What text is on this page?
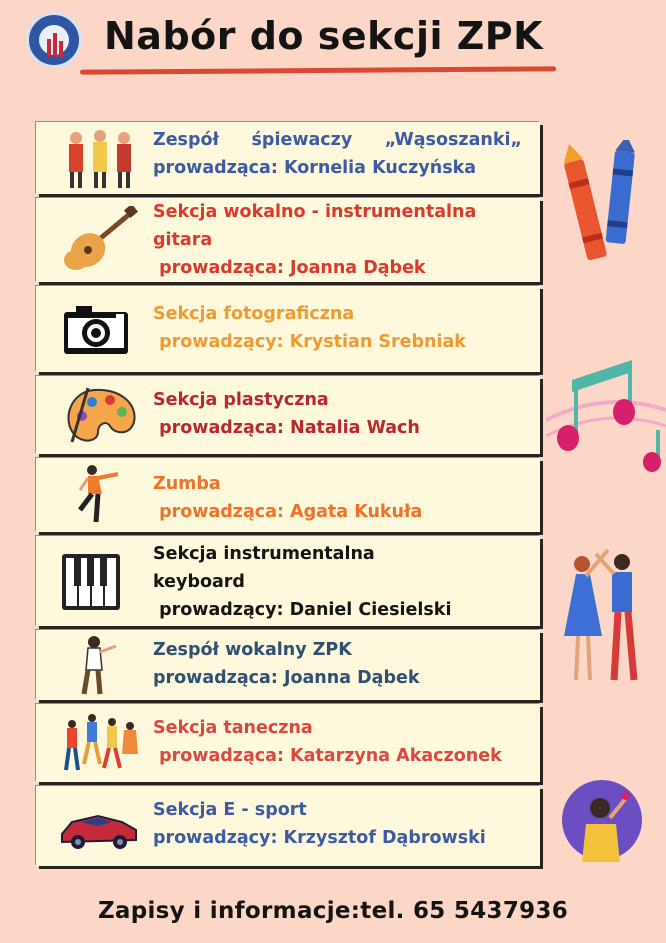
Nabór do sekcji ZPK
Zespół śpiewaczy „Wąsoszanki„
prowadząca: Kornelia Kuczyńska
Sekcja wokalno - instrumentalna
gitara
prowadząca: Joanna Dąbek
Sekcja fotograficzna
prowadzący: Krystian Srebniak
Sekcja plastyczna
prowadząca: Natalia Wach
Zumba
prowadząca: Agata Kukuła
Sekcja instrumentalna
keyboard
prowadzący: Daniel Ciesielski
Zespół wokalny ZPK
prowadząca: Joanna Dąbek
Sekcja taneczna
prowadząca: Katarzyna Akaczonek
Sekcja E - sport
prowadzący: Krzysztof Dąbrowski
Zapisy i informacje:tel. 65 5437936
